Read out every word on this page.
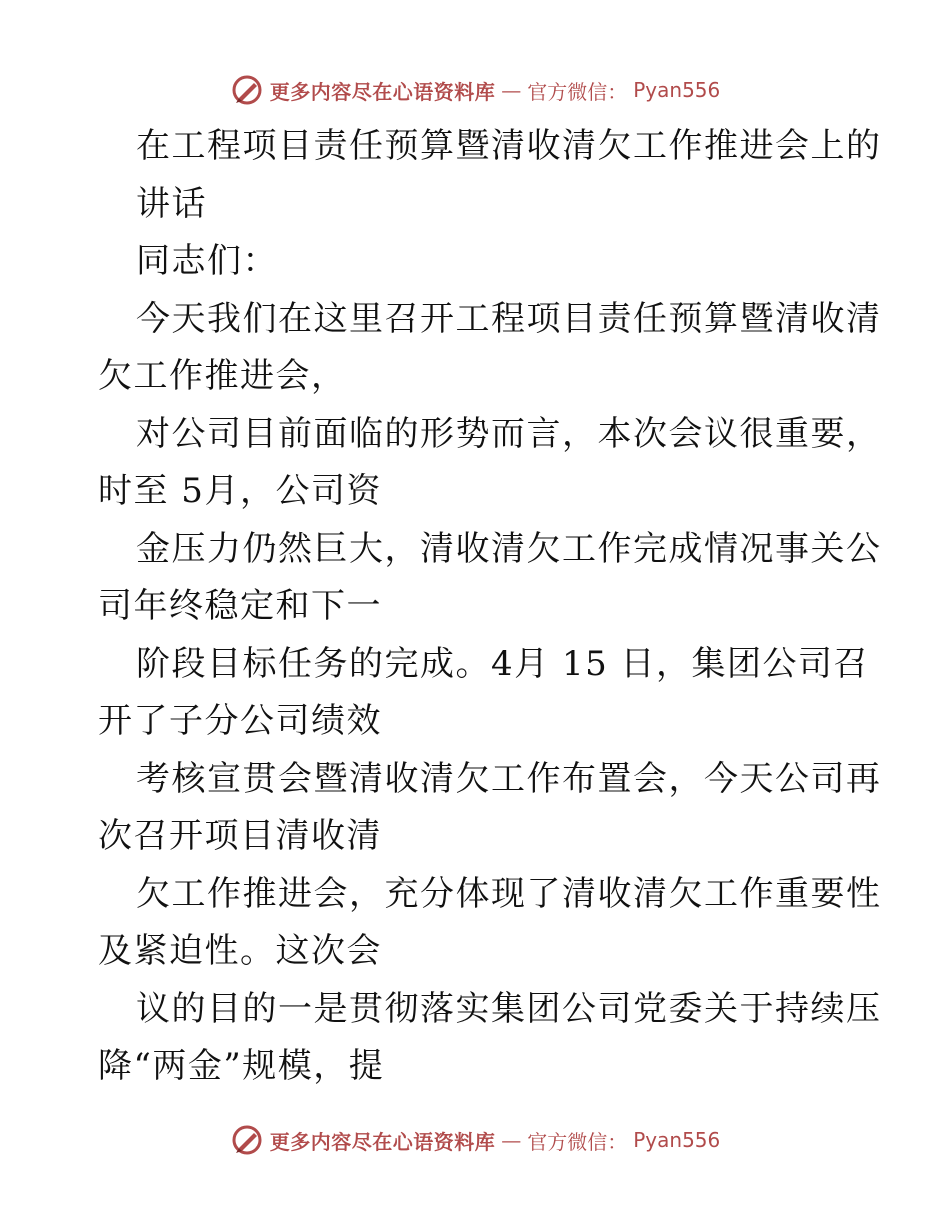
更多内容尽在心语资料库 — 官方微信： Pyan556
在工程项目责任预算暨清收清欠工作推进会上的
讲话
同志们：
今天我们在这里召开工程项目责任预算暨清收清
欠工作推进会，
对公司目前面临的形势而言，本次会议很重要，
时至 5月，公司资
金压力仍然巨大，清收清欠工作完成情况事关公
司年终稳定和下一
阶段目标任务的完成。4月 15 日，集团公司召
开了子分公司绩效
考核宣贯会暨清收清欠工作布置会，今天公司再
次召开项目清收清
欠工作推进会，充分体现了清收清欠工作重要性
及紧迫性。这次会
议的目的一是贯彻落实集团公司党委关于持续压
降“两金”规模，提
更多内容尽在心语资料库 — 官方微信： Pyan556
